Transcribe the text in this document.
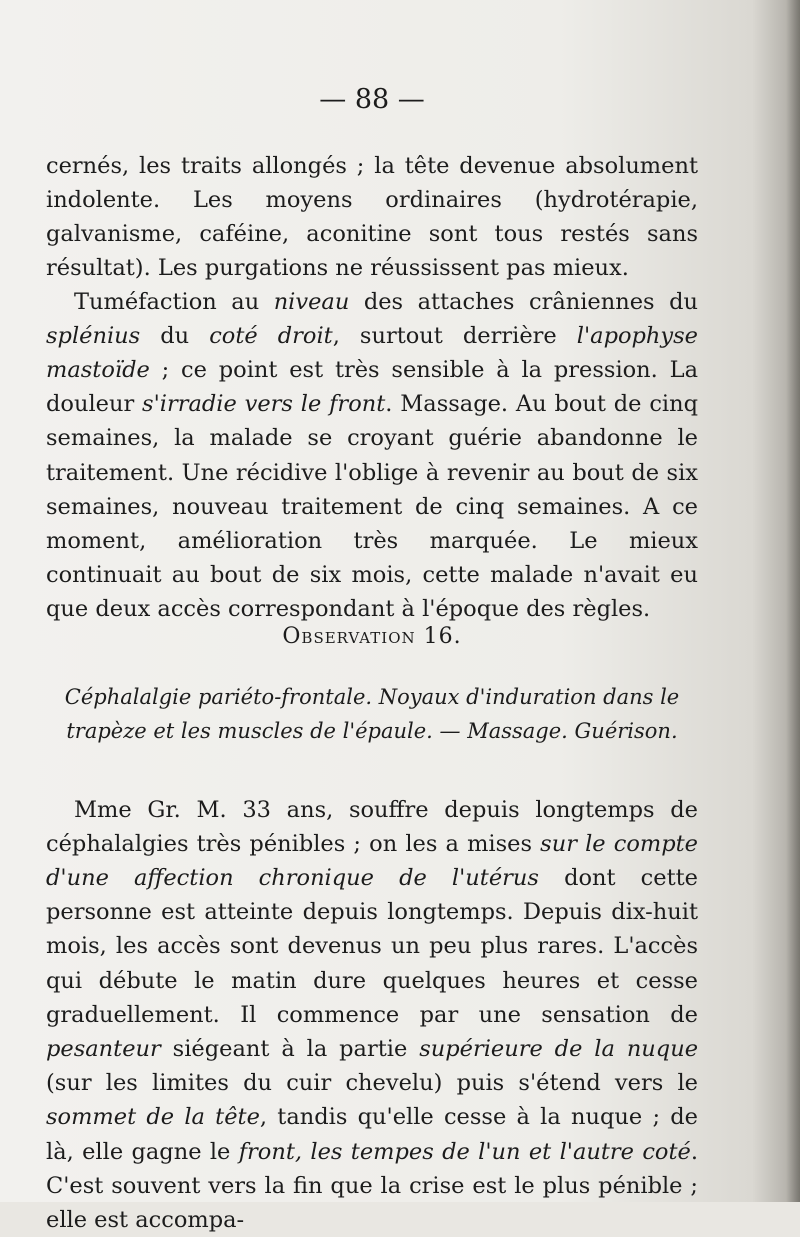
— 88 —

cernés, les traits allongés ; la tête devenue absolument indolente. Les moyens ordinaires (hydrotérapie, galvanisme, caféine, aconitine sont tous restés sans résultat). Les purgations ne réussissent pas mieux.

Tuméfaction au niveau des attaches crâniennes du splénius du coté droit, surtout derrière l'apophyse mastoïde ; ce point est très sensible à la pression. La douleur s'irradie vers le front. Massage. Au bout de cinq semaines, la malade se croyant guérie abandonne le traitement. Une récidive l'oblige à revenir au bout de six semaines, nouveau traitement de cinq semaines. A ce moment, amélioration très marquée. Le mieux continuait au bout de six mois, cette malade n'avait eu que deux accès correspondant à l'époque des règles.

Observation 16.
Céphalalgie pariéto-frontale. Noyaux d'induration dans le trapèze et les muscles de l'épaule. — Massage. Guérison.

Mme Gr. M. 33 ans, souffre depuis longtemps de céphalalgies très pénibles ; on les a mises sur le compte d'une affection chronique de l'utérus dont cette personne est atteinte depuis longtemps. Depuis dix-huit mois, les accès sont devenus un peu plus rares. L'accès qui débute le matin dure quelques heures et cesse graduellement. Il commence par une sensation de pesanteur siégeant à la partie supérieure de la nuque (sur les limites du cuir chevelu) puis s'étend vers le sommet de la tête, tandis qu'elle cesse à la nuque ; de là, elle gagne le front, les tempes de l'un et l'autre coté. C'est souvent vers la fin que la crise est le plus pénible ; elle est accompa-
